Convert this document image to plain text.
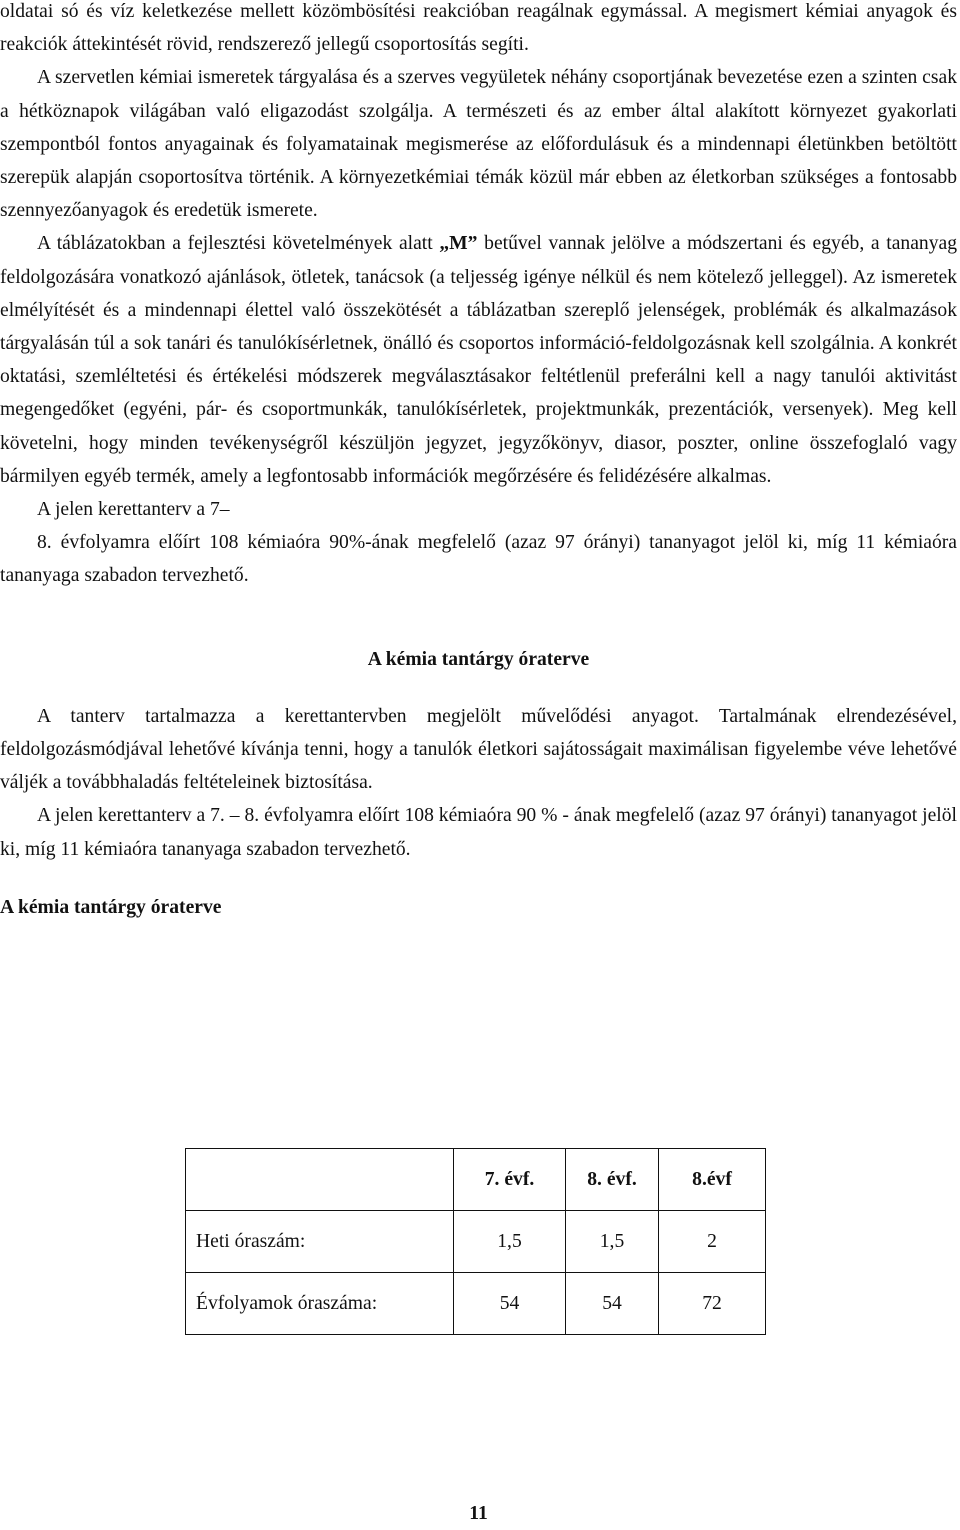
oldatai só és víz keletkezése mellett közömbösítési reakcióban reagálnak egymással. A megismert kémiai anyagok és reakciók áttekintését rövid, rendszerező jellegű csoportosítás segíti.

A szervetlen kémiai ismeretek tárgyalása és a szerves vegyületek néhány csoportjának bevezetése ezen a szinten csak a hétköznapok világában való eligazodást szolgálja. A természeti és az ember által alakított környezet gyakorlati szempontból fontos anyagainak és folyamatainak megismerése az előfordulásuk és a mindennapi életünkben betöltött szerepük alapján csoportosítva történik. A környezetkémiai témák közül már ebben az életkorban szükséges a fontosabb szennyezőanyagok és eredetük ismerete.

A táblázatokban a fejlesztési követelmények alatt „M” betűvel vannak jelölve a módszertani és egyéb, a tananyag feldolgozására vonatkozó ajánlások, ötletek, tanácsok (a teljesség igénye nélkül és nem kötelező jelleggel). Az ismeretek elmélyítését és a mindennapi élettel való összekötését a táblázatban szereplő jelenségek, problémák és alkalmazások tárgyalásán túl a sok tanári és tanulókísérletnek, önálló és csoportos információ-feldolgozásnak kell szolgálnia. A konkrét oktatási, szemléltetési és értékelési módszerek megválasztásakor feltétlenül preferálni kell a nagy tanulói aktivitást megengedőket (egyéni, pár- és csoportmunkák, tanulókísérletek, projektmunkák, prezentációk, versenyek). Meg kell követelni, hogy minden tevékenységről készüljön jegyzet, jegyzőkönyv, diasor, poszter, online összefoglaló vagy bármilyen egyéb termék, amely a legfontosabb információk megőrzésére és felidézésére alkalmas.

A jelen kerettanterv a 7–

8. évfolyamra előírt 108 kémiaóra 90%-ának megfelelő (azaz 97 órányi) tananyagot jelöl ki, míg 11 kémiaóra tananyaga szabadon tervezhető.

A kémia tantárgy óraterve

A tanterv tartalmazza a kerettantervben megjelölt művelődési anyagot. Tartalmának elrendezésével, feldolgozásmódjával lehetővé kívánja tenni, hogy a tanulók életkori sajátosságait maximálisan figyelembe véve lehetővé váljék a továbbhaladás feltételeinek biztosítása.

A jelen kerettanterv a 7. – 8. évfolyamra előírt 108 kémiaóra 90 % - ának megfelelő (azaz 97 órányi) tananyagot jelöl ki, míg 11 kémiaóra tananyaga szabadon tervezhető.

A kémia tantárgy óraterve

	7. évf.	8. évf.	8.évf
Heti óraszám:	1,5	1,5	2
Évfolyamok óraszáma:	54	54	72
11
